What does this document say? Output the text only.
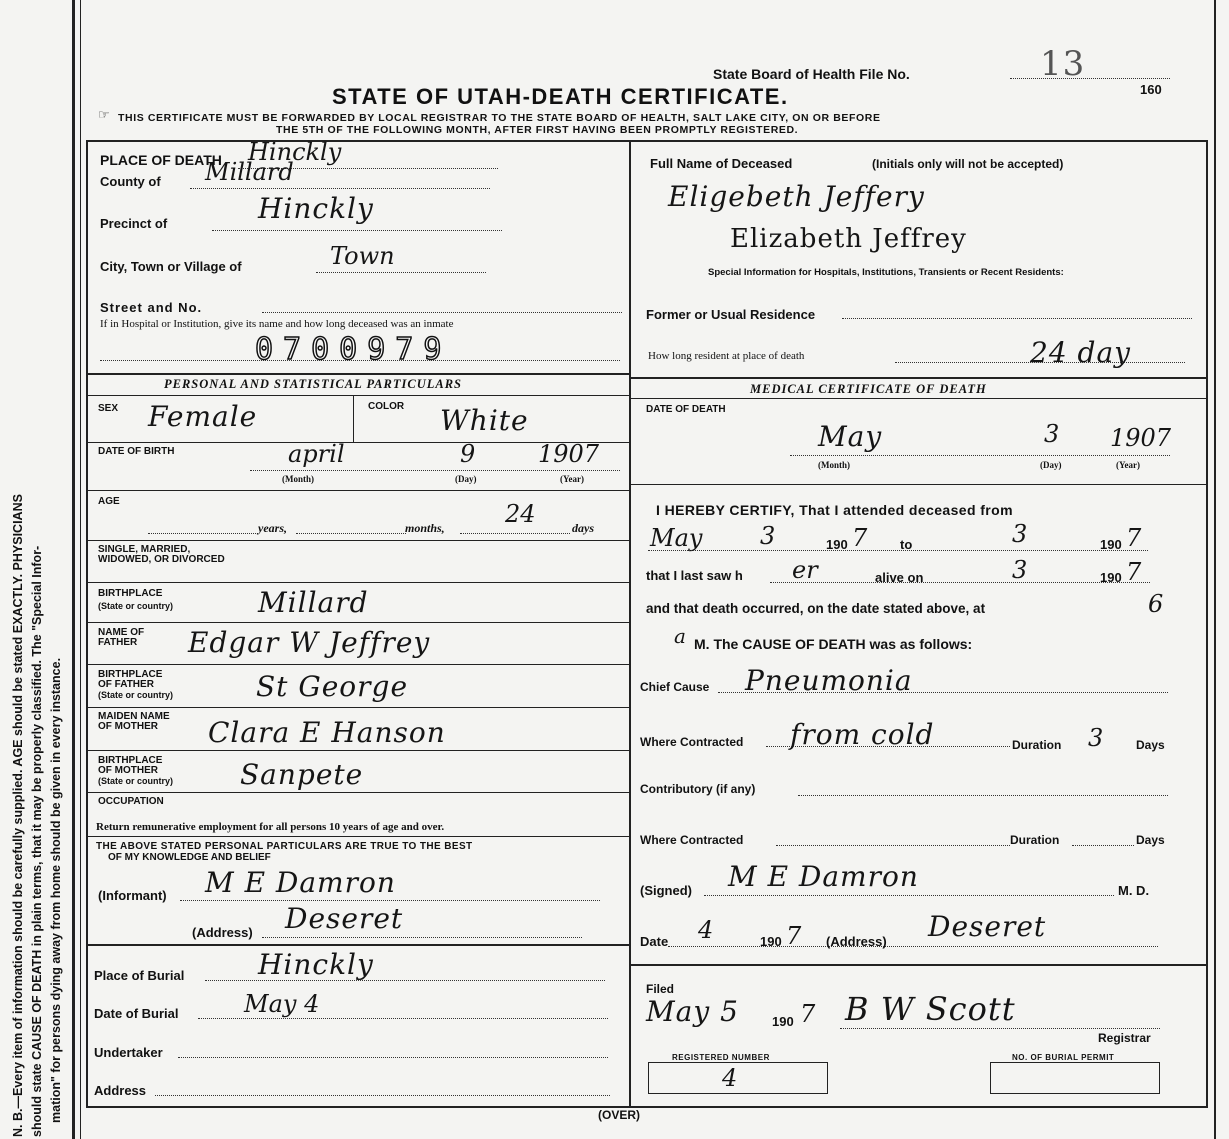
N. B.—Every item of information should be carefully supplied. AGE should be stated EXACTLY. PHYSICIANS should state CAUSE OF DEATH in plain terms, that it may be properly classified. The "Special Infor- mation" for persons dying away from home should be given in every instance.
State Board of Health File No.	13
160
STATE OF UTAH-DEATH CERTIFICATE.
☞ THIS CERTIFICATE MUST BE FORWARDED BY LOCAL REGISTRAR TO THE STATE BOARD OF HEALTH, SALT LAKE CITY, ON OR BEFORE
THE 5TH OF THE FOLLOWING MONTH, AFTER FIRST HAVING BEEN PROMPTLY REGISTERED.
PLACE OF DEATH Hinckly
County of Millard
Precinct of	Hinckly
City, Town or Village of	Town
Street and No.
If in Hospital or Institution, give its name and how long deceased was an inmate
0700979
PERSONAL AND STATISTICAL PARTICULARS
SEX Female	COLOR White
DATE OF BIRTH	april	9	1907
(Month)	(Day)	(Year)
AGE
years,	months,	24	days
SINGLE, MARRIED,
WIDOWED, OR DIVORCED
BIRTHPLACE
(State or country)	Millard
NAME OF
FATHER Edgar W Jeffrey
BIRTHPLACE
OF FATHER
(State or country)	St George
MAIDEN NAME
OF MOTHER Clara E Hanson
BIRTHPLACE
OF MOTHER
(State or country) Sanpete
OCCUPATION
Return remunerative employment for all persons 10 years of age and over.
THE ABOVE STATED PERSONAL PARTICULARS ARE TRUE TO THE BEST
OF MY KNOWLEDGE AND BELIEF
(Informant) M E Damron
(Address) Deseret
Place of Burial	Hinckly
Date of Burial	May 4
Undertaker
Address
Full Name of Deceased	(Initials only will not be accepted)
Eligebeth Jeffery
Elizabeth Jeffrey
Special Information for Hospitals, Institutions, Transients or Recent Residents:
Former or Usual Residence
How long resident at place of death	24 day
MEDICAL CERTIFICATE OF DEATH
DATE OF DEATH
May	3 1907
(Month)	(Day)	(Year)
I HEREBY CERTIFY, That I attended deceased from
May 3	190 7	to	3	190 7
that I last saw h er	alive on	3	190 7
and that death occurred, on the date stated above, at	6
a M. The CAUSE OF DEATH was as follows:
Chief Cause Pneumonia
Where Contracted from cold	Duration 3	Days
Contributory (if any)
Where Contracted	Duration	Days
(Signed) M E Damron	M. D.
Date 4	190 7 (Address) Deseret
Filed
May 5	190 7 B W Scott
Registrar
REGISTERED NUMBER
4
NO. OF BURIAL PERMIT
(OVER)
